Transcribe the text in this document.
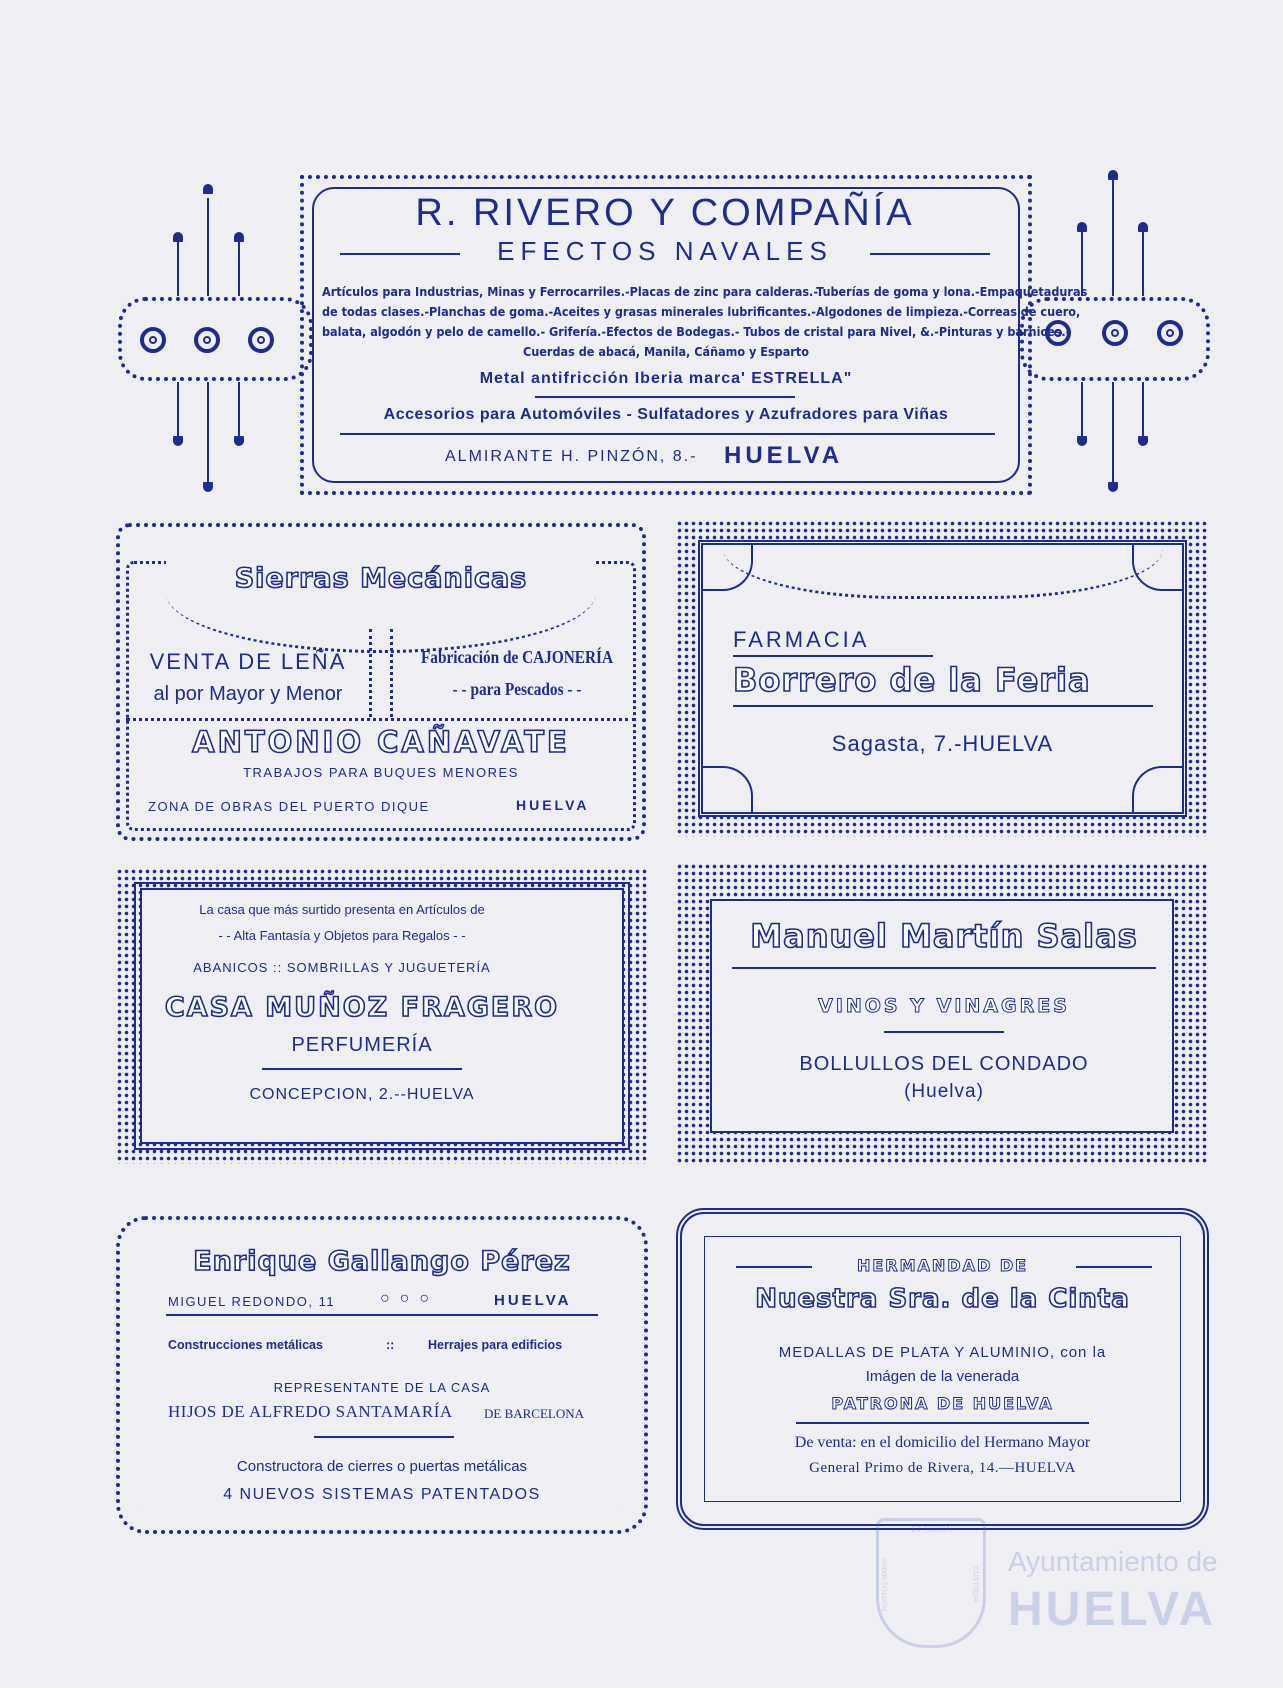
R. RIVERO Y COMPAÑÍA
EFECTOS NAVALES
Artículos para Industrias, Minas y Ferrocarriles.-Placas de zinc para calderas.-Tuberías de goma y lona.-Empaquetaduras
de todas clases.-Planchas de goma.-Aceites y grasas minerales lubrificantes.-Algodones de limpieza.-Correas de cuero,
balata, algodón y pelo de camello.- Grifería.-Efectos de Bodegas.- Tubos de cristal para Nivel, &.-Pinturas y barnices.-
Cuerdas de abacá, Manila, Cáñamo y Esparto
Metal antifricción Iberia marca' ESTRELLA"
Accesorios para Automóviles - Sulfatadores y Azufradores para Viñas
ALMIRANTE H. PINZÓN, 8.- HUELVA
Sierras Mecánicas
VENTA DE LEÑA
al por Mayor y Menor
Fabricación de CAJONERÍA
- - para Pescados - -
ANTONIO CAÑAVATE
TRABAJOS PARA BUQUES MENORES
ZONA DE OBRAS DEL PUERTO DIQUE	HUELVA
FARMACIA
Borrero de la Feria
Sagasta, 7.-HUELVA
La casa que más surtido presenta en Artículos de
- - Alta Fantasía y Objetos para Regalos - -
ABANICOS :: SOMBRILLAS Y JUGUETERÍA
CASA MUÑOZ FRAGERO
PERFUMERÍA
CONCEPCION, 2.--HUELVA
Manuel Martín Salas
VINOS Y VINAGRES
BOLLULLOS DEL CONDADO
(Huelva)
Enrique Gallango Pérez
MIGUEL REDONDO, 11	○○○	HUELVA
Construcciones metálicas	::	Herrajes para edificios
REPRESENTANTE DE LA CASA
HIJOS DE ALFREDO SANTAMARÍA DE BARCELONA
Constructora de cierres o puertas metálicas
4 NUEVOS SISTEMAS PATENTADOS
HERMANDAD DE
Nuestra Sra. de la Cinta
MEDALLAS DE PLATA Y ALUMINIO, con la
Imágen de la venerada
PATRONA DE HUELVA
De venta: en el domicilio del Hermano Mayor
General Primo de Rivera, 14.—HUELVA
ET TERRA
PORTUS MARIS	CUSTODIA
Ayuntamiento de
HUELVA
